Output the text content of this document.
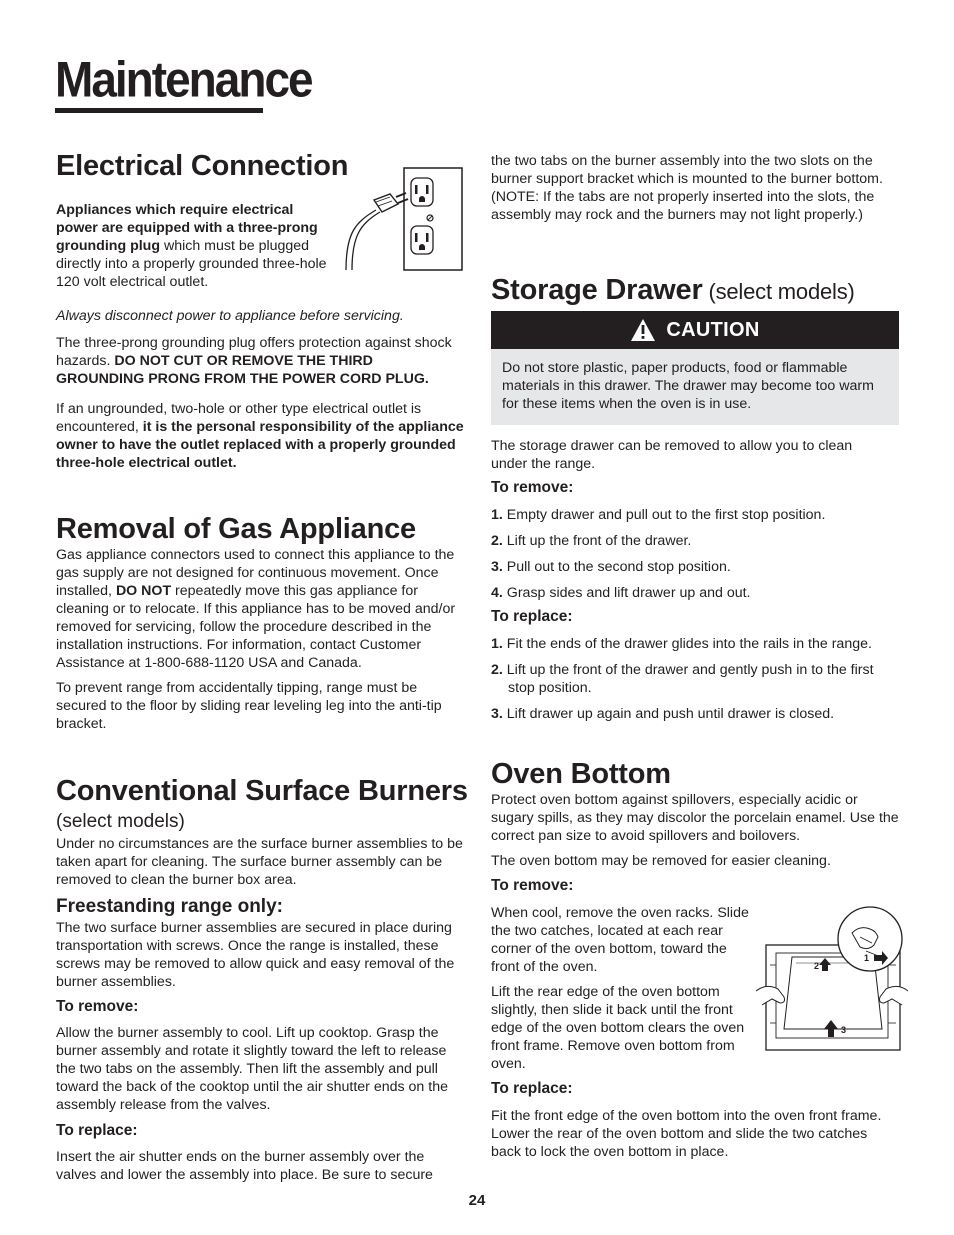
Maintenance
Electrical Connection

Appliances which require electrical power are equipped with a three-prong grounding plug which must be plugged directly into a properly grounded three-hole 120 volt electrical outlet.

Always disconnect power to appliance before servicing.

The three-prong grounding plug offers protection against shock hazards. DO NOT CUT OR REMOVE THE THIRD GROUNDING PRONG FROM THE POWER CORD PLUG.

If an ungrounded, two-hole or other type electrical outlet is encountered, it is the personal responsibility of the appliance owner to have the outlet replaced with a properly grounded three-hole electrical outlet.

Removal of Gas Appliance

Gas appliance connectors used to connect this appliance to the gas supply are not designed for continuous movement. Once installed, DO NOT repeatedly move this gas appliance for cleaning or to relocate. If this appliance has to be moved and/or removed for servicing, follow the procedure described in the installation instructions. For information, contact Customer Assistance at 1-800-688-1120 USA and Canada.

To prevent range from accidentally tipping, range must be secured to the floor by sliding rear leveling leg into the anti-tip bracket.

Conventional Surface Burners

(select models)

Under no circumstances are the surface burner assemblies to be taken apart for cleaning. The surface burner assembly can be removed to clean the burner box area.

Freestanding range only:

The two surface burner assemblies are secured in place during transportation with screws. Once the range is installed, these screws may be removed to allow quick and easy removal of the burner assemblies.

To remove:

Allow the burner assembly to cool. Lift up cooktop. Grasp the burner assembly and rotate it slightly toward the left to release the two tabs on the assembly. Then lift the assembly and pull toward the back of the cooktop until the air shutter ends on the assembly release from the valves.

To replace:

Insert the air shutter ends on the burner assembly over the valves and lower the assembly into place. Be sure to secure

the two tabs on the burner assembly into the two slots on the burner support bracket which is mounted to the burner bottom. (NOTE: If the tabs are not properly inserted into the slots, the assembly may rock and the burners may not light properly.)

Storage Drawer (select models)
CAUTION

Do not store plastic, paper products, food or flammable materials in this drawer. The drawer may become too warm for these items when the oven is in use.

The storage drawer can be removed to allow you to clean under the range.

To remove:
1. Empty drawer and pull out to the first stop position.
2. Lift up the front of the drawer.
3. Pull out to the second stop position.
4. Grasp sides and lift drawer up and out.
To replace:
1. Fit the ends of the drawer glides into the rails in the range.
2. Lift up the front of the drawer and gently push in to the first stop position.
3. Lift drawer up again and push until drawer is closed.
Oven Bottom

Protect oven bottom against spillovers, especially acidic or sugary spills, as they may discolor the porcelain enamel. Use the correct pan size to avoid spillovers and boilovers.

The oven bottom may be removed for easier cleaning.

To remove:

When cool, remove the oven racks. Slide the two catches, located at each rear corner of the oven bottom, toward the front of the oven.

Lift the rear edge of the oven bottom slightly, then slide it back until the front edge of the oven bottom clears the oven front frame. Remove oven bottom from oven.

1
2
3
To replace:

Fit the front edge of the oven bottom into the oven front frame. Lower the rear of the oven bottom and slide the two catches back to lock the oven bottom in place.

24
